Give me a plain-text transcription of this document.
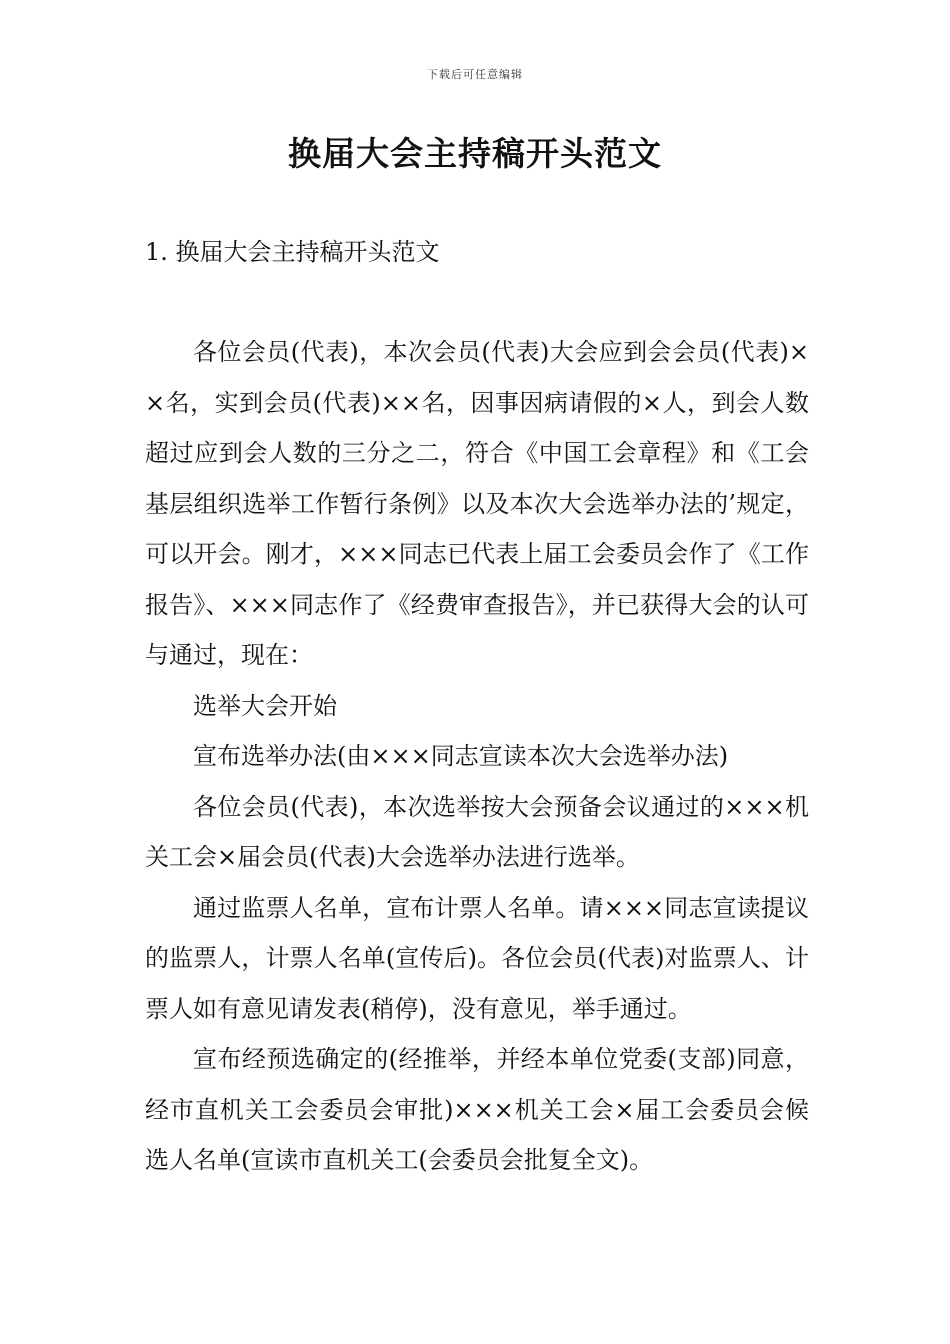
下载后可任意编辑
换届大会主持稿开头范文
1. 换届大会主持稿开头范文

各位会员(代表)，本次会员(代表)大会应到会会员(代表)××名，实到会员(代表)××名，因事因病请假的×人，到会人数超过应到会人数的三分之二，符合《中国工会章程》和《工会基层组织选举工作暂行条例》以及本次大会选举办法的’规定，可以开会。刚才，×××同志已代表上届工会委员会作了《工作报告》、×××同志作了《经费审查报告》，并已获得大会的认可与通过，现在：

选举大会开始

宣布选举办法(由×××同志宣读本次大会选举办法)

各位会员(代表)，本次选举按大会预备会议通过的×××机关工会×届会员(代表)大会选举办法进行选举。

通过监票人名单，宣布计票人名单。请×××同志宣读提议的监票人，计票人名单(宣传后)。各位会员(代表)对监票人、计票人如有意见请发表(稍停)，没有意见，举手通过。

宣布经预选确定的(经推举，并经本单位党委(支部)同意，经市直机关工会委员会审批)×××机关工会×届工会委员会候选人名单(宣读市直机关工(会委员会批复全文)。
